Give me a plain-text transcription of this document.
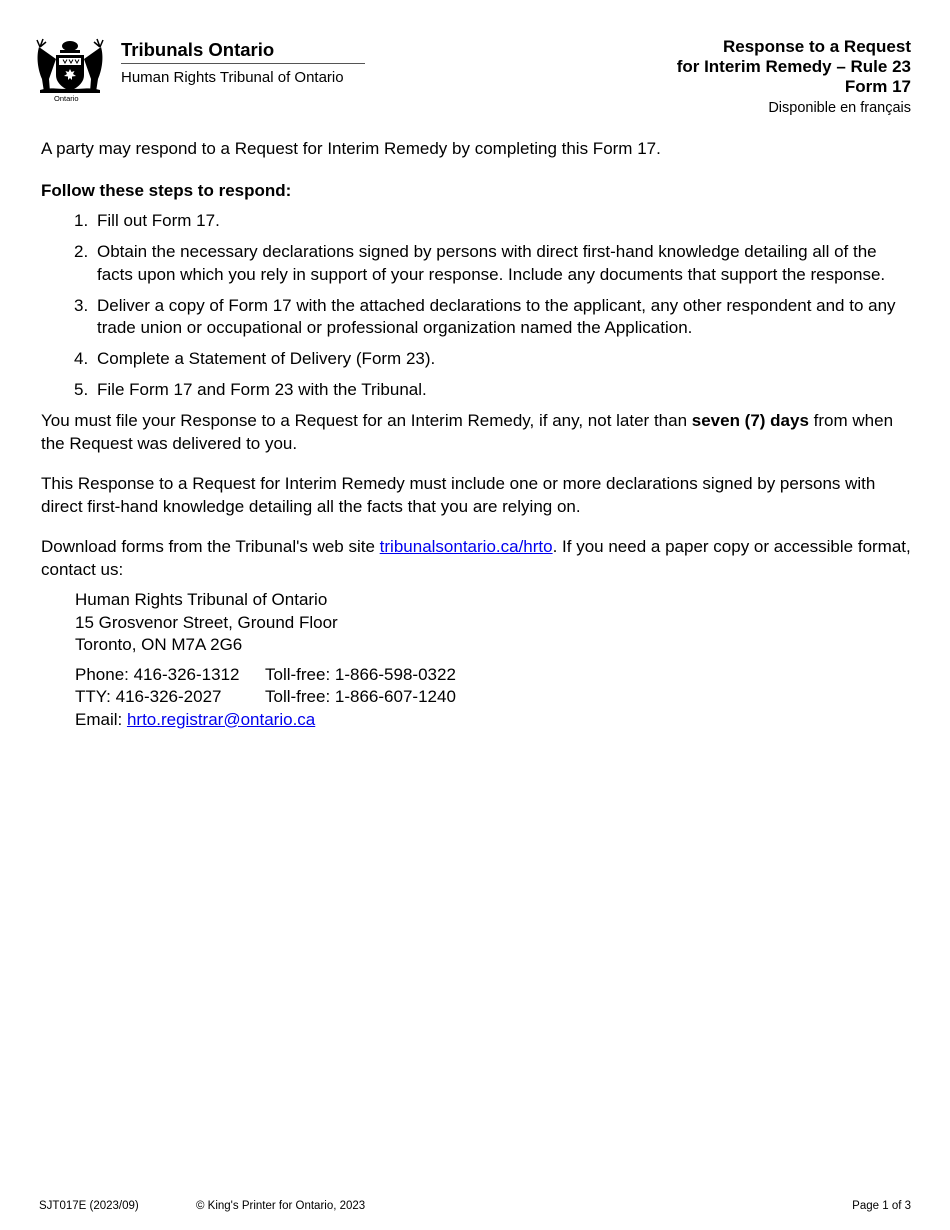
Ontario
Tribunals Ontario
Human Rights Tribunal of Ontario
Response to a Request
for Interim Remedy – Rule 23
Form 17
Disponible en français

A party may respond to a Request for Interim Remedy by completing this Form 17.

Follow these steps to respond:

1. Fill out Form 17.
2. Obtain the necessary declarations signed by persons with direct first-hand knowledge detailing all of the facts upon which you rely in support of your response. Include any documents that support the response.
3. Deliver a copy of Form 17 with the attached declarations to the applicant, any other respondent and to any trade union or occupational or professional organization named the Application.
4. Complete a Statement of Delivery (Form 23).
5. File Form 17 and Form 23 with the Tribunal.

You must file your Response to a Request for an Interim Remedy, if any, not later than seven (7) days from when the Request was delivered to you.

This Response to a Request for Interim Remedy must include one or more declarations signed by persons with direct first-hand knowledge detailing all the facts that you are relying on.

Download forms from the Tribunal's web site tribunalsontario.ca/hrto. If you need a paper copy or accessible format, contact us:

Human Rights Tribunal of Ontario
15 Grosvenor Street, Ground Floor
Toronto, ON M7A 2G6
Phone: 416-326-1312 Toll-free: 1-866-598-0322
TTY: 416-326-2027	Toll-free: 1-866-607-1240
Email: hrto.registrar@ontario.ca
SJT017E (2023/09)	© King's Printer for Ontario, 2023	Page 1 of 3
